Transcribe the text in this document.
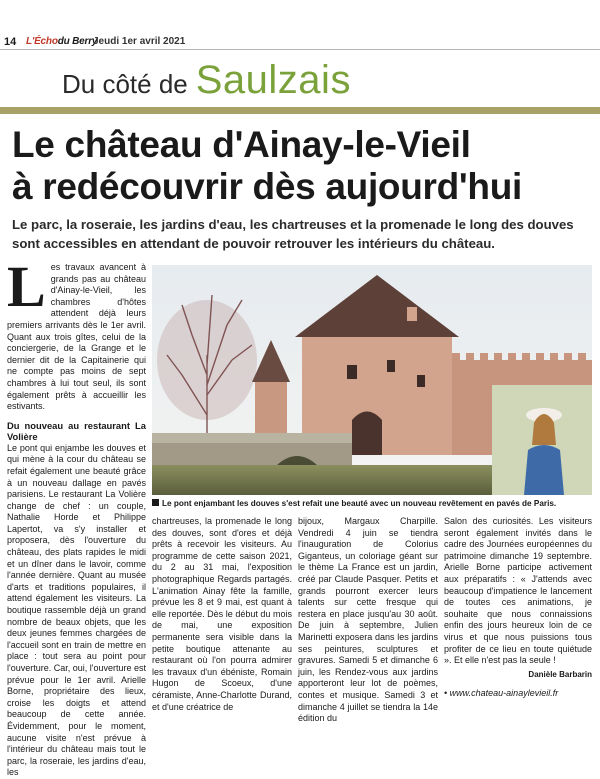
14 L'Échodu Berry
Jeudi 1er avril 2021
Du côté de Saulzais
Le château d'Ainay-le-Vieil
à redécouvrir dès aujourd'hui
Le parc, la roseraie, les jardins d'eau, les chartreuses et la promenade le long des douves sont accessibles en attendant de pouvoir retrouver les intérieurs du château.
L es travaux avancent à grands pas au château d'Ainay-le-Vieil, les chambres d'hôtes attendent déjà leurs premiers arrivants dès le 1er avril. Quant aux trois gîtes, celui de la conciergerie, de la Grange et le dernier dit de la Capitainerie qui ne compte pas moins de sept chambres à lui tout seul, ils sont également prêts à accueillir les estivants.

Du nouveau au restaurant La Volière

Le pont qui enjambe les douves et qui mène à la cour du château se refait également une beauté grâce à un nouveau dallage en pavés parisiens. Le restaurant La Volière change de chef : un couple, Nathalie Horde et Philippe Lapertot, va s'y installer et proposera, dès l'ouverture du château, des plats rapides le midi et un dîner dans le lavoir, comme l'année dernière. Quant au musée d'arts et traditions populaires, il attend également les visiteurs. La boutique rassemble déjà un grand nombre de beaux objets, que les deux jeunes femmes chargées de l'accueil sont en train de mettre en place : tout sera au point pour l'ouverture. Car, oui, l'ouverture est prévue pour le 1er avril. Arielle Borne, propriétaire des lieux, croise les doigts et attend beaucoup de cette année. Évidemment, pour le moment, aucune visite n'est prévue à l'intérieur du château mais tout le parc, la roseraie, les jardins d'eau, les

Le pont enjambant les douves s'est refait une beauté avec un nouveau revêtement en pavés de Paris.

chartreuses, la promenade le long des douves, sont d'ores et déjà prêts à recevoir les visiteurs. Au programme de cette saison 2021, du 2 au 31 mai, l'exposition photographique Regards partagés. L'animation Ainay fête la famille, prévue les 8 et 9 mai, est quant à elle reportée. Dès le début du mois de mai, une exposition permanente sera visible dans la petite boutique attenante au restaurant où l'on pourra admirer les travaux d'un ébéniste, Romain Hugon de Scoeux, d'une céramiste, Anne-Charlotte Durand, et d'une créatrice de

bijoux, Margaux Charpille. Vendredi 4 juin se tiendra l'inauguration de Colorius Giganteus, un coloriage géant sur le thème La France est un jardin, créé par Claude Pasquer. Petits et grands pourront exercer leurs talents sur cette fresque qui restera en place jusqu'au 30 août. De juin à septembre, Julien Marinetti exposera dans les jardins ses peintures, sculptures et gravures. Samedi 5 et dimanche 6 juin, les Rendez-vous aux jardins apporteront leur lot de poèmes, contes et musique. Samedi 3 et dimanche 4 juillet se tiendra la 14e édition du

Salon des curiosités. Les visiteurs seront également invités dans le cadre des Journées européennes du patrimoine dimanche 19 septembre. Arielle Borne participe activement aux préparatifs : « J'attends avec beaucoup d'impatience le lancement de toutes ces animations, je souhaite que nous connaissions enfin des jours heureux loin de ce virus et que nous puissions tous profiter de ce lieu en toute quiétude ». Et elle n'est pas la seule !

Danièle Barbarin
• www.chateau-ainaylevieil.fr
